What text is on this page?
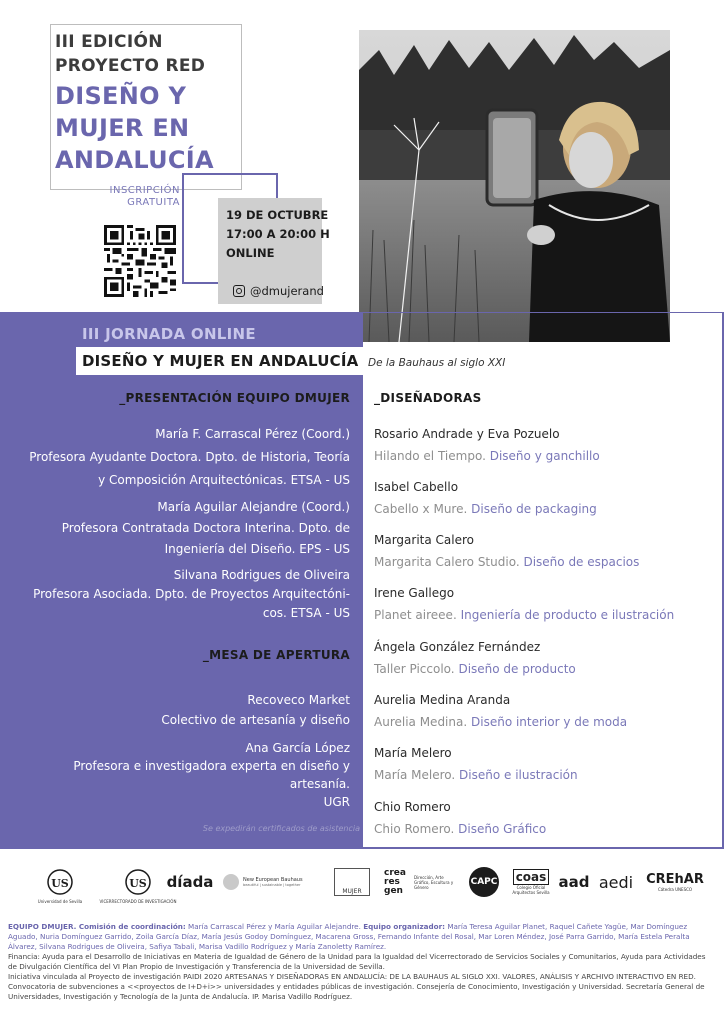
III EDICIÓN
PROYECTO RED
DISEÑO Y
MUJER EN
ANDALUCÍA
INSCRIPCIÓN
GRATUITA
19 DE OCTUBRE
17:00 A 20:00 H
ONLINE
@dmujerand
III JORNADA ONLINE
DISEÑO Y MUJER EN ANDALUCÍA De la Bauhaus al siglo XXI
_PRESENTACIÓN EQUIPO DMUJER
María F. Carrascal Pérez (Coord.)
Profesora Ayudante Doctora. Dpto. de Historia, Teoría
y Composición Arquitectónicas. ETSA - US
María Aguilar Alejandre (Coord.)
Profesora Contratada Doctora Interina. Dpto. de
Ingeniería del Diseño. EPS - US
Silvana Rodrigues de Oliveira
Profesora Asociada. Dpto. de Proyectos Arquitectóni-
cos. ETSA - US
_MESA DE APERTURA
Recoveco Market
Colectivo de artesanía y diseño
Ana García López
Profesora e investigadora experta en diseño y artesanía.
UGR
Se expedirán certificados de asistencia
_DISEÑADORAS
Rosario Andrade y Eva Pozuelo
Hilando el Tiempo. Diseño y ganchillo
Isabel Cabello
Cabello x Mure. Diseño de packaging
Margarita Calero
Margarita Calero Studio. Diseño de espacios
Irene Gallego
Planet aireee. Ingeniería de producto e ilustración
Ángela González Fernández
Taller Piccolo. Diseño de producto
Aurelia Medina Aranda
Aurelia Medina. Diseño interior y de moda
María Melero
María Melero. Diseño e ilustración
Chio Romero
Chio Romero. Diseño Gráfico
US
Universidad de Sevilla
US
VICERRECTORADO DE INVESTIGACIÓN
díada	New European Bauhaus
beautiful | sustainable | together
MUJER
crea res gen
Dirección, Arte Gráfico, Escultura y Género	CAPC coas
Colegio Oficial Arquitectos Sevilla
aad aedi CREhAR
Cátedra UNESCO
EQUIPO DMUJER. Comisión de coordinación: María Carrascal Pérez y María Aguilar Alejandre. Equipo organizador: María Teresa Aguilar Planet, Raquel Cañete Yagüe, Mar Domínguez Aguado, Nuria Domínguez Garrido, Zoila García Díaz, María Jesús Godoy Domínguez, Macarena Gross, Fernando Infante del Rosal, Mar Loren Méndez, José Parra Garrido, María Estela Peralta Álvarez, Silvana Rodrigues de Oliveira, Safiya Tabali, Marisa Vadillo Rodríguez y María Zanoletty Ramírez.
Financia: Ayuda para el Desarrollo de Iniciativas en Materia de Igualdad de Género de la Unidad para la Igualdad del Vicerrectorado de Servicios Sociales y Comunitarios, Ayuda para Actividades de Divulgación Científica del VI Plan Propio de Investigación y Transferencia de la Universidad de Sevilla.
Iniciativa vinculada al Proyecto de investigación PAIDI 2020 ARTESANAS Y DISEÑADORAS EN ANDALUCÍA: DE LA BAUHAUS AL SIGLO XXI. VALORES, ANÁLISIS Y ARCHIVO INTERACTIVO EN RED. Convocatoria de subvenciones a <<proyectos de I+D+i>> universidades y entidades públicas de investigación. Consejería de Conocimiento, Investigación y Universidad. Secretaría General de Universidades, Investigación y Tecnología de la Junta de Andalucía. IP. Marisa Vadillo Rodríguez.
